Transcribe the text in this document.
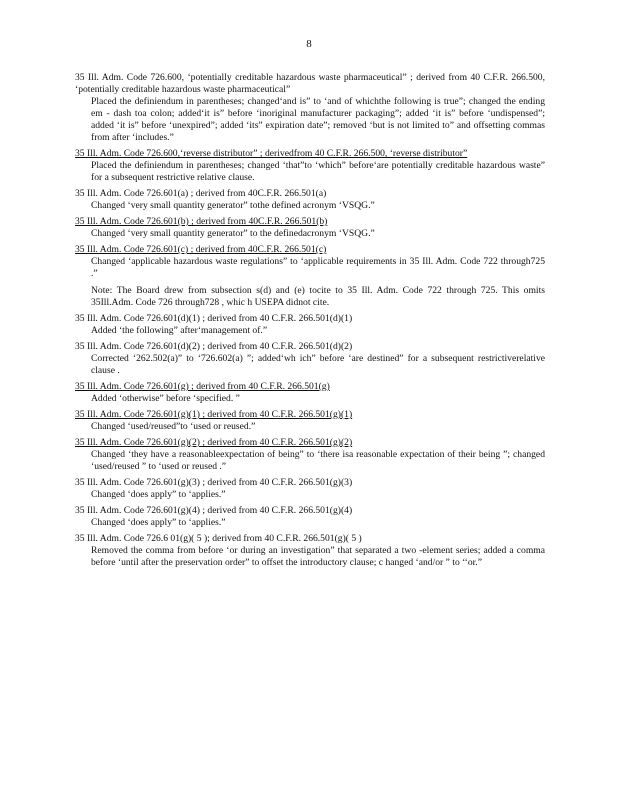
8
35 Ill. Adm. Code 726.600, ‘potentially creditable hazardous waste pharmaceutical” ; derived from 40 C.F.R. 266.500, ‘potentially creditable hazardous waste pharmaceutical”
Placed the definiendum in parentheses; changed‘and is” to ‘and of whichthe following is true”; changed the ending em - dash toa colon; added‘it is” before ‘inoriginal manufacturer packaging”; added ‘it is” before ‘undispensed”; added ‘it is” before ‘unexpired”; added ‘its” expiration date”; removed ‘but is not limited to” and offsetting commas from after ‘includes.”
35 Ill. Adm. Code 726.600,‘reverse distributor” ; derivedfrom 40 C.F.R. 266.500, ‘reverse distributor”
Placed the definiendum in parentheses; changed ‘that”to ‘which” before‘are potentially creditable hazardous waste” for a subsequent restrictive relative clause.
35 Ill. Adm. Code 726.601(a) ; derived from 40C.F.R. 266.501(a)
Changed ‘very small quantity generator” tothe defined acronym ‘VSQG.”
35 Ill. Adm. Code 726.601(b) ; derived from 40C.F.R. 266.501(b)
Changed ‘very small quantity generator” to the definedacronym ‘VSQG.”
35 Ill. Adm. Code 726.601(c) ; derived from 40C.F.R. 266.501(c)
Changed ‘applicable hazardous waste regulations” to ‘applicable requirements in 35 Ill. Adm. Code 722 through725 .”
Note: The Board drew from subsection s(d) and (e) tocite to 35 Ill. Adm. Code 722 through 725. This omits 35Ill.Adm. Code 726 through728 , whic h USEPA didnot cite.
35 Ill. Adm. Code 726.601(d)(1) ; derived from 40 C.F.R. 266.501(d)(1)
Added ‘the following” after‘management of.”
35 Ill. Adm. Code 726.601(d)(2) ; derived from 40 C.F.R. 266.501(d)(2)
Corrected ‘262.502(a)” to ‘726.602(a) ”; added‘wh ich” before ‘are destined” for a subsequent restrictiverelative clause .
35 Ill. Adm. Code 726.601(g) ; derived from 40 C.F.R. 266.501(g)
Added ‘otherwise” before ‘specified. ”
35 Ill. Adm. Code 726.601(g)(1) ; derived from 40 C.F.R. 266.501(g)(1)
Changed ‘used/reused”to ‘used or reused.”
35 Ill. Adm. Code 726.601(g)(2) ; derived from 40 C.F.R. 266.501(g)(2)
Changed ‘they have a reasonableexpectation of being” to ‘there isa reasonable expectation of their being ”; changed ‘used/reused ” to ‘used or reused .”
35 Ill. Adm. Code 726.601(g)(3) ; derived from 40 C.F.R. 266.501(g)(3)
Changed ‘does apply” to ‘applies.”
35 Ill. Adm. Code 726.601(g)(4) ; derived from 40 C.F.R. 266.501(g)(4)
Changed ‘does apply” to ‘applies.”
35 Ill. Adm. Code 726.6 01(g)( 5 ); derived from 40 C.F.R. 266.501(g)( 5 )
Removed the comma from before ‘or during an investigation” that separated a two -element series; added a comma before ‘until after the preservation order” to offset the introductory clause; c hanged ‘and/or ” to ‘‘or.”
